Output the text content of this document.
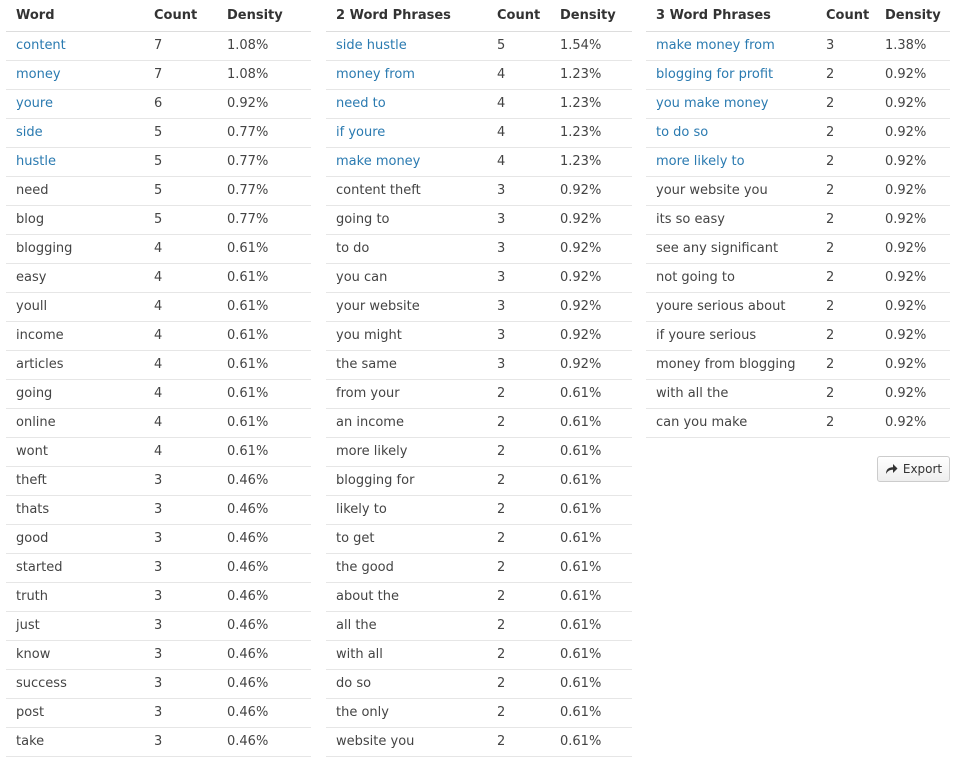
Word	Count	Density
content	7	1.08%
money	7	1.08%
youre	6	0.92%
side	5	0.77%
hustle	5	0.77%
need	5	0.77%
blog	5	0.77%
blogging	4	0.61%
easy	4	0.61%
youll	4	0.61%
income	4	0.61%
articles	4	0.61%
going	4	0.61%
online	4	0.61%
wont	4	0.61%
theft	3	0.46%
thats	3	0.46%
good	3	0.46%
started	3	0.46%
truth	3	0.46%
just	3	0.46%
know	3	0.46%
success	3	0.46%
post	3	0.46%
take	3	0.46%
2 Word Phrases	Count	Density
side hustle	5	1.54%
money from	4	1.23%
need to	4	1.23%
if youre	4	1.23%
make money	4	1.23%
content theft	3	0.92%
going to	3	0.92%
to do	3	0.92%
you can	3	0.92%
your website	3	0.92%
you might	3	0.92%
the same	3	0.92%
from your	2	0.61%
an income	2	0.61%
more likely	2	0.61%
blogging for	2	0.61%
likely to	2	0.61%
to get	2	0.61%
the good	2	0.61%
about the	2	0.61%
all the	2	0.61%
with all	2	0.61%
do so	2	0.61%
the only	2	0.61%
website you	2	0.61%
3 Word Phrases	Count	Density
make money from	3	1.38%
blogging for profit	2	0.92%
you make money	2	0.92%
to do so	2	0.92%
more likely to	2	0.92%
your website you	2	0.92%
its so easy	2	0.92%
see any significant	2	0.92%
not going to	2	0.92%
youre serious about	2	0.92%
if youre serious	2	0.92%
money from blogging	2	0.92%
with all the	2	0.92%
can you make	2	0.92%
Export
